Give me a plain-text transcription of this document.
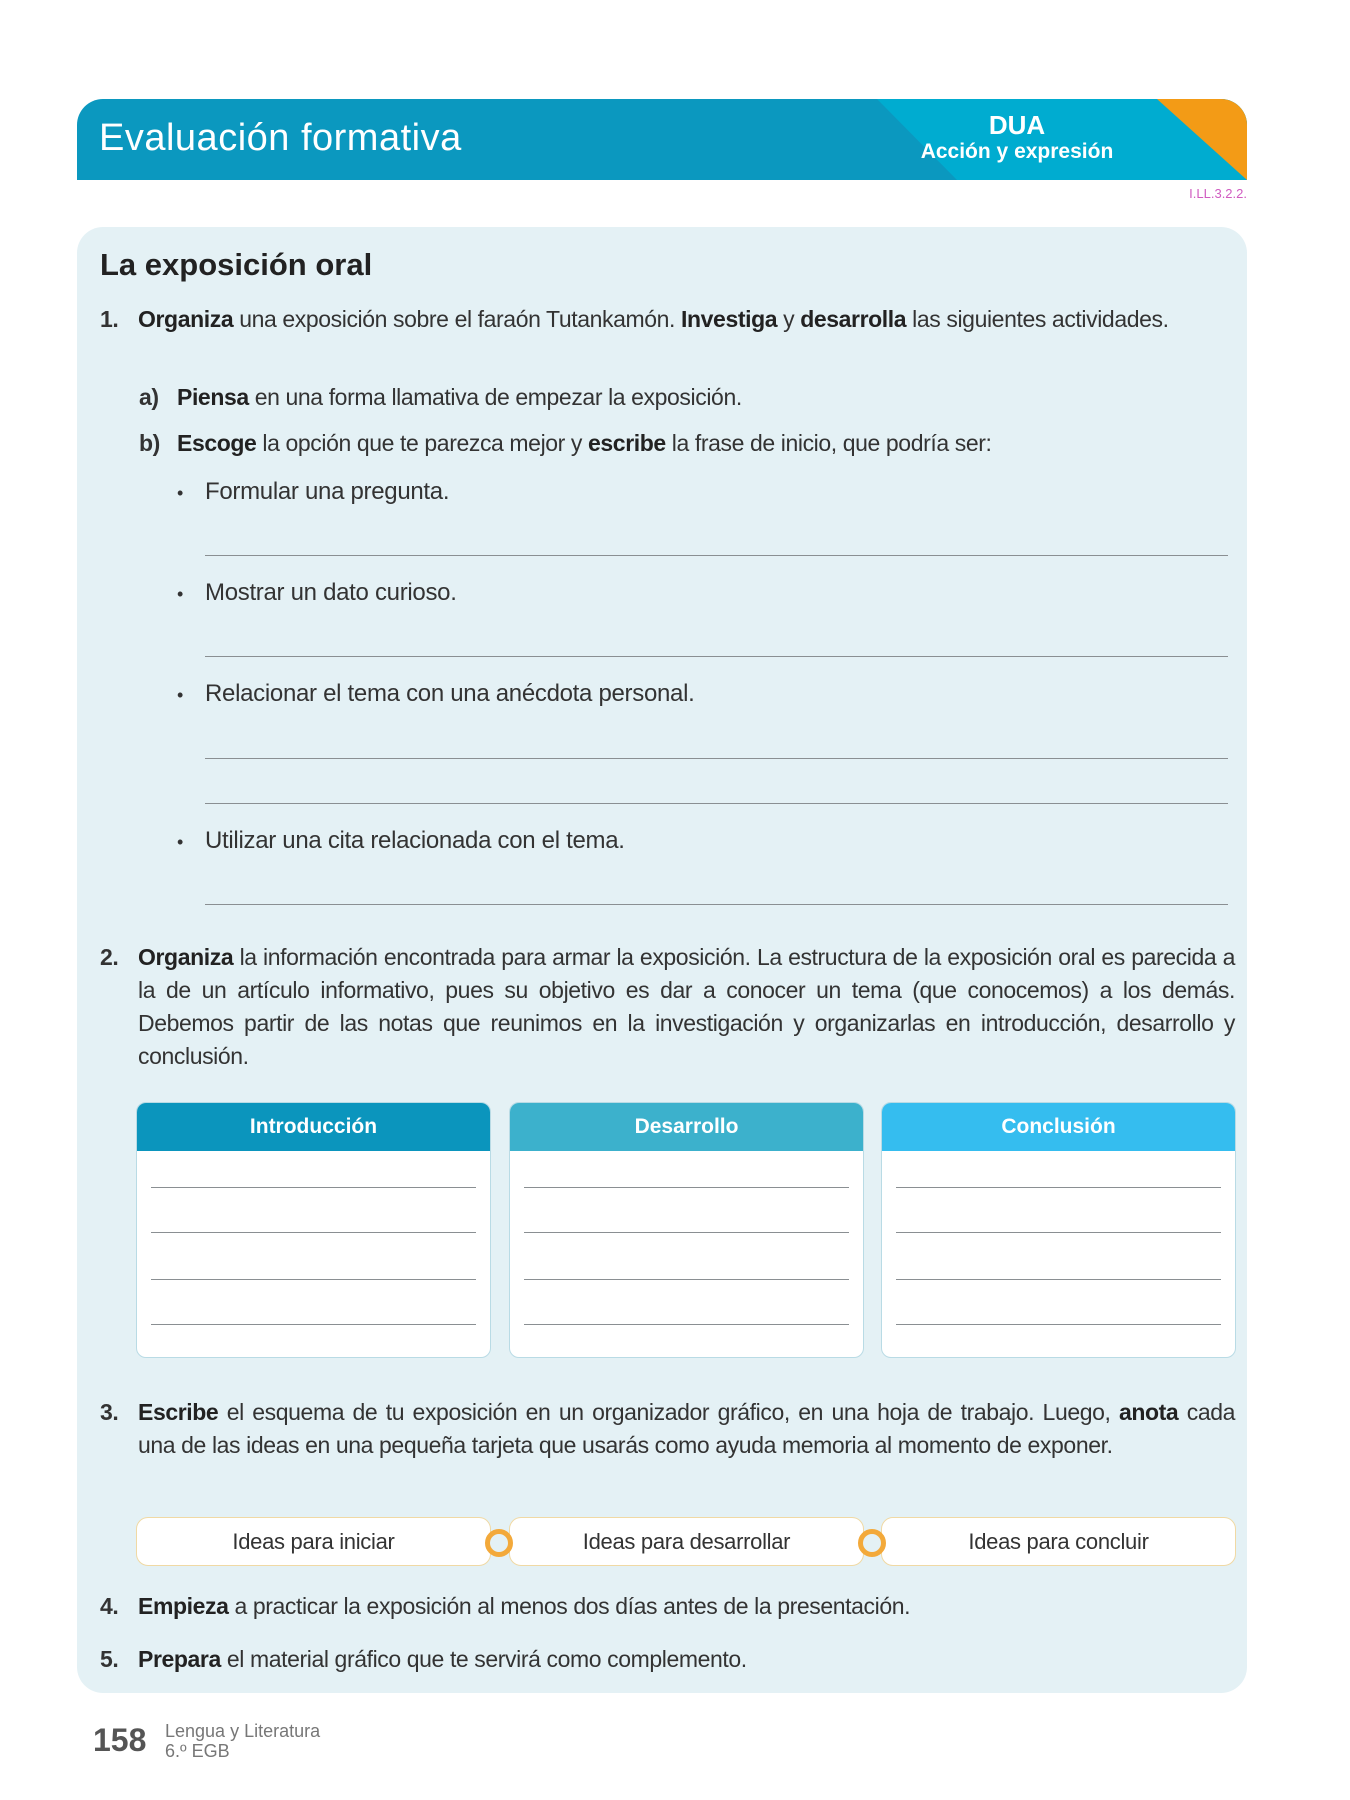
Evaluación formativa	DUA
Acción y expresión
I.LL.3.2.2.
La exposición oral
1. Organiza una exposición sobre el faraón Tutankamón. Investiga y desarrolla las siguientes actividades.
a) Piensa en una forma llamativa de empezar la exposición.
b) Escoge la opción que te parezca mejor y escribe la frase de inicio, que podría ser:
• Formular una pregunta.
• Mostrar un dato curioso.
• Relacionar el tema con una anécdota personal.
• Utilizar una cita relacionada con el tema.
2. Organiza la información encontrada para armar la exposición. La estructura de la exposición oral es parecida a la de un artículo informativo, pues su objetivo es dar a conocer un tema (que conocemos) a los demás. Debemos partir de las notas que reunimos en la investigación y organizarlas en introducción, desarrollo y conclusión.
Introducción	Desarrollo	Conclusión
3. Escribe el esquema de tu exposición en un organizador gráfico, en una hoja de trabajo. Luego, anota cada una de las ideas en una pequeña tarjeta que usarás como ayuda memoria al momento de exponer.
Ideas para iniciar	Ideas para desarrollar	Ideas para concluir
4. Empieza a practicar la exposición al menos dos días antes de la presentación.
5. Prepara el material gráfico que te servirá como complemento.
158 Lengua y Literatura
6.º EGB
